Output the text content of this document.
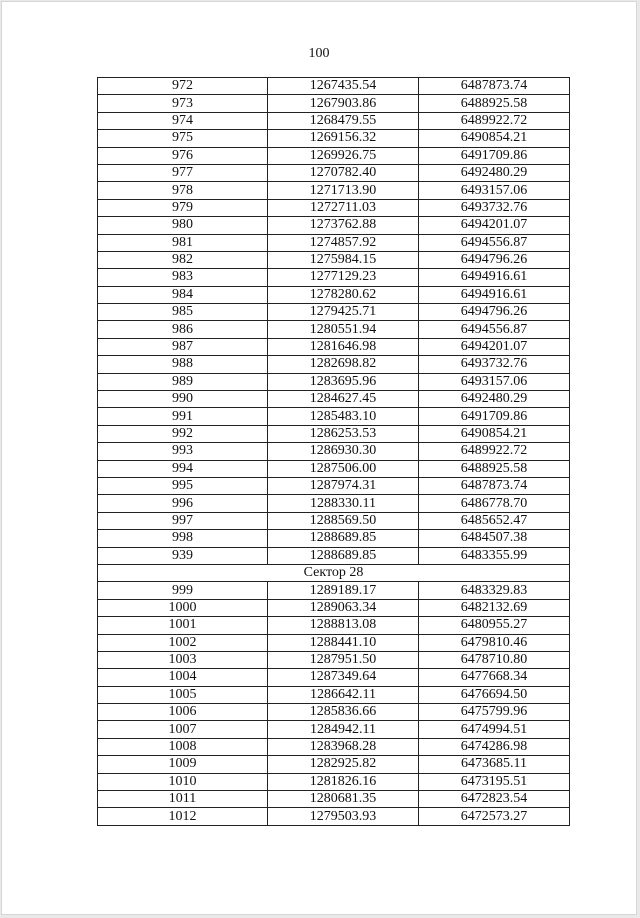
100
972	1267435.54	6487873.74
973	1267903.86	6488925.58
974	1268479.55	6489922.72
975	1269156.32	6490854.21
976	1269926.75	6491709.86
977	1270782.40	6492480.29
978	1271713.90	6493157.06
979	1272711.03	6493732.76
980	1273762.88	6494201.07
981	1274857.92	6494556.87
982	1275984.15	6494796.26
983	1277129.23	6494916.61
984	1278280.62	6494916.61
985	1279425.71	6494796.26
986	1280551.94	6494556.87
987	1281646.98	6494201.07
988	1282698.82	6493732.76
989	1283695.96	6493157.06
990	1284627.45	6492480.29
991	1285483.10	6491709.86
992	1286253.53	6490854.21
993	1286930.30	6489922.72
994	1287506.00	6488925.58
995	1287974.31	6487873.74
996	1288330.11	6486778.70
997	1288569.50	6485652.47
998	1288689.85	6484507.38
939	1288689.85	6483355.99
Сектор 28		
999	1289189.17	6483329.83
1000	1289063.34	6482132.69
1001	1288813.08	6480955.27
1002	1288441.10	6479810.46
1003	1287951.50	6478710.80
1004	1287349.64	6477668.34
1005	1286642.11	6476694.50
1006	1285836.66	6475799.96
1007	1284942.11	6474994.51
1008	1283968.28	6474286.98
1009	1282925.82	6473685.11
1010	1281826.16	6473195.51
1011	1280681.35	6472823.54
1012	1279503.93	6472573.27
